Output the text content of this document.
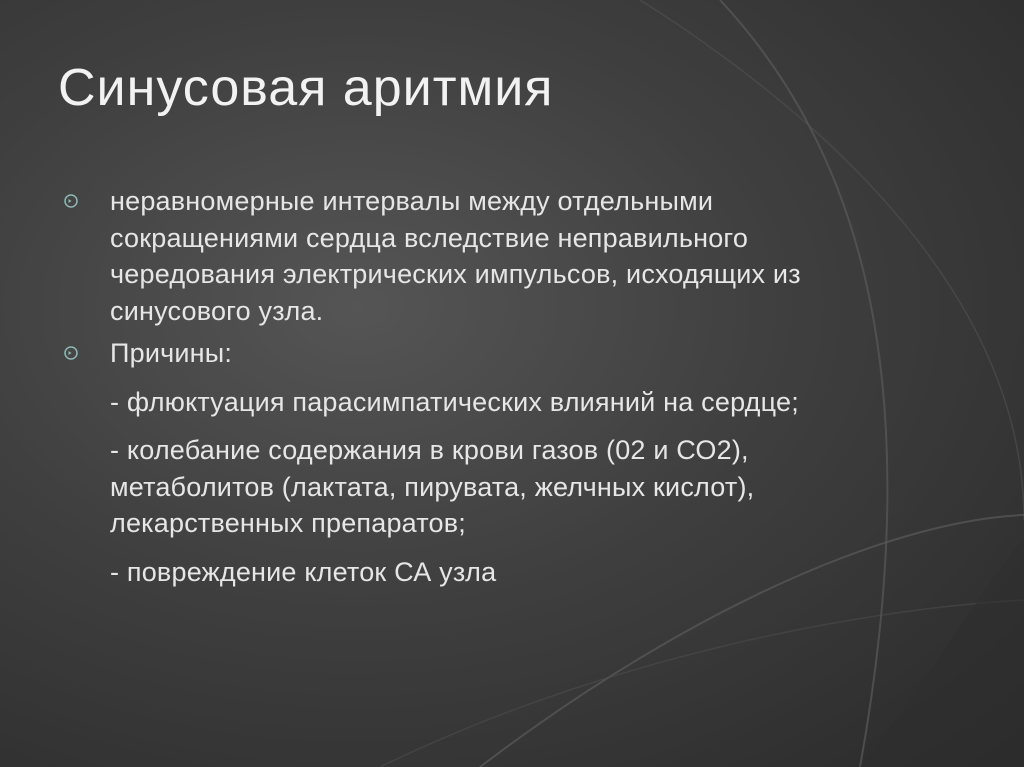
Синусовая аритмия
неравномерные интервалы между отдельными сокращениями сердца вследствие неправильного чередования электрических импульсов, исходящих из синусового узла.
Причины:
- флюктуация парасимпатических влияний на сердце;
- колебание содержания в крови газов (02 и СО2), метаболитов (лактата, пирувата, желчных кислот), лекарственных препаратов;
- повреждение клеток СА узла
